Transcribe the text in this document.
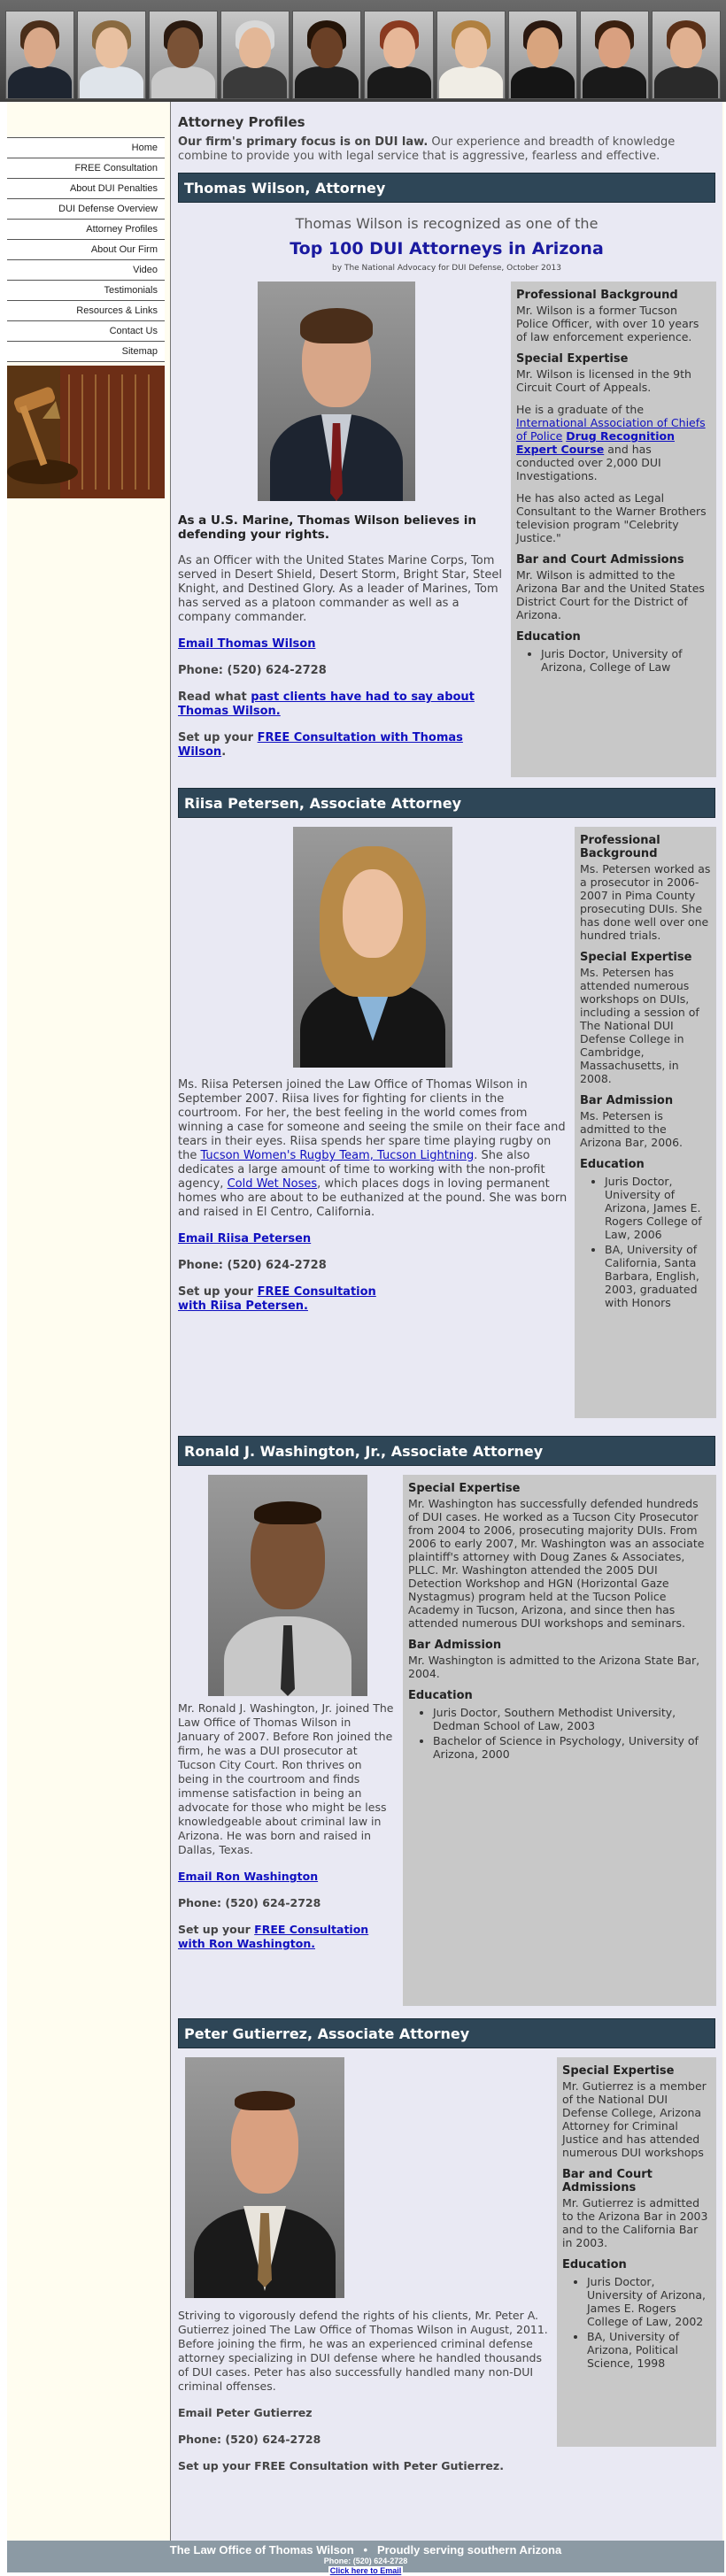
Home
FREE Consultation
About DUI Penalties
DUI Defense Overview
Attorney Profiles
About Our Firm
Video
Testimonials
Resources & Links
Contact Us
Sitemap
Attorney Profiles
Our firm's primary focus is on DUI law. Our experience and breadth of knowledge combine to provide you with legal service that is aggressive, fearless and effective.
Thomas Wilson, Attorney
Thomas Wilson is recognized as one of the
Top 100 DUI Attorneys in Arizona
by The National Advocacy for DUI Defense, October 2013

As a U.S. Marine, Thomas Wilson believes in defending your rights.

As an Officer with the United States Marine Corps, Tom served in Desert Shield, Desert Storm, Bright Star, Steel Knight, and Destined Glory. As a leader of Marines, Tom has served as a platoon commander as well as a company commander.

Email Thomas Wilson

Phone: (520) 624-2728

Read what past clients have had to say about Thomas Wilson.

Set up your FREE Consultation with Thomas Wilson.

Professional Background

Mr. Wilson is a former Tucson Police Officer, with over 10 years of law enforcement experience.

Special Expertise

Mr. Wilson is licensed in the 9th Circuit Court of Appeals.

He is a graduate of the International Association of Chiefs of Police Drug Recognition Expert Course and has conducted over 2,000 DUI Investigations.

He has also acted as Legal Consultant to the Warner Brothers television program "Celebrity Justice."

Bar and Court Admissions

Mr. Wilson is admitted to the Arizona Bar and the United States District Court for the District of Arizona.

Education
• Juris Doctor, University of Arizona, College of Law
Riisa Petersen, Associate Attorney

Ms. Riisa Petersen joined the Law Office of Thomas Wilson in September 2007. Riisa lives for fighting for clients in the courtroom. For her, the best feeling in the world comes from winning a case for someone and seeing the smile on their face and tears in their eyes. Riisa spends her spare time playing rugby on the Tucson Women's Rugby Team, Tucson Lightning. She also dedicates a large amount of time to working with the non-profit agency, Cold Wet Noses, which places dogs in loving permanent homes who are about to be euthanized at the pound. She was born and raised in El Centro, California.

Email Riisa Petersen

Phone: (520) 624-2728

Set up your FREE Consultation with Riisa Petersen.

Professional Background

Ms. Petersen worked as a prosecutor in 2006-2007 in Pima County prosecuting DUIs. She has done well over one hundred trials.

Special Expertise

Ms. Petersen has attended numerous workshops on DUIs, including a session of The National DUI Defense College in Cambridge, Massachusetts, in 2008.

Bar Admission

Ms. Petersen is admitted to the Arizona Bar, 2006.

Education
• Juris Doctor, University of Arizona, James E. Rogers College of Law, 2006
• BA, University of California, Santa Barbara, English, 2003, graduated with Honors
Ronald J. Washington, Jr., Associate Attorney

Mr. Ronald J. Washington, Jr. joined The Law Office of Thomas Wilson in January of 2007. Before Ron joined the firm, he was a DUI prosecutor at Tucson City Court. Ron thrives on being in the courtroom and finds immense satisfaction in being an advocate for those who might be less knowledgeable about criminal law in Arizona. He was born and raised in Dallas, Texas.

Email Ron Washington

Phone: (520) 624-2728

Set up your FREE Consultation with Ron Washington.

Special Expertise

Mr. Washington has successfully defended hundreds of DUI cases. He worked as a Tucson City Prosecutor from 2004 to 2006, prosecuting majority DUIs. From 2006 to early 2007, Mr. Washington was an associate plaintiff's attorney with Doug Zanes & Associates, PLLC. Mr. Washington attended the 2005 DUI Detection Workshop and HGN (Horizontal Gaze Nystagmus) program held at the Tucson Police Academy in Tucson, Arizona, and since then has attended numerous DUI workshops and seminars.

Bar Admission

Mr. Washington is admitted to the Arizona State Bar, 2004.

Education
• Juris Doctor, Southern Methodist University, Dedman School of Law, 2003
• Bachelor of Science in Psychology, University of Arizona, 2000
Peter Gutierrez, Associate Attorney

Striving to vigorously defend the rights of his clients, Mr. Peter A. Gutierrez joined The Law Office of Thomas Wilson in August, 2011. Before joining the firm, he was an experienced criminal defense attorney specializing in DUI defense where he handled thousands of DUI cases. Peter has also successfully handled many non-DUI criminal offenses.

Email Peter Gutierrez

Phone: (520) 624-2728

Set up your FREE Consultation with Peter Gutierrez.

Special Expertise

Mr. Gutierrez is a member of the National DUI Defense College, Arizona Attorney for Criminal Justice and has attended numerous DUI workshops

Bar and Court Admissions

Mr. Gutierrez is admitted to the Arizona Bar in 2003 and to the California Bar in 2003.

Education
• Juris Doctor, University of Arizona, James E. Rogers College of Law, 2002
• BA, University of Arizona, Political Science, 1998
The Law Office of Thomas Wilson • Proudly serving southern Arizona
Phone: (520) 624-2728
Click here to Email
